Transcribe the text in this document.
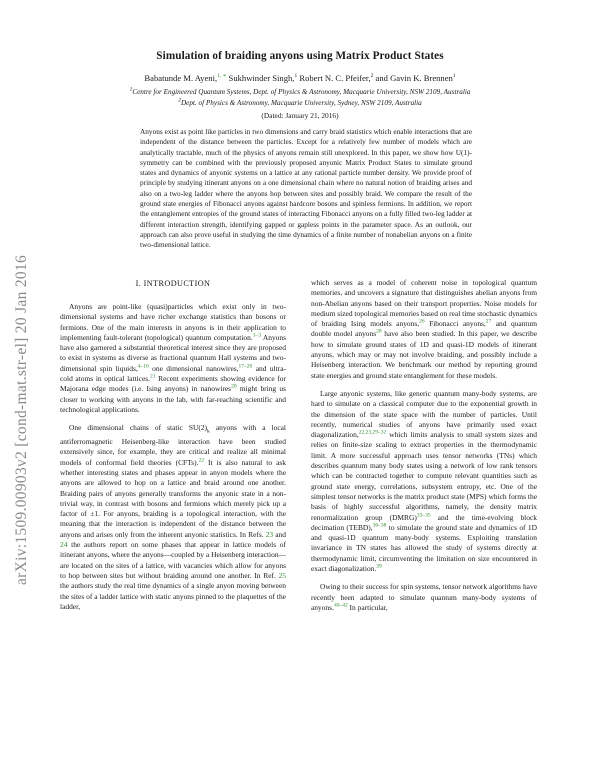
arXiv:1509.00903v2 [cond-mat.str-el] 20 Jan 2016
Simulation of braiding anyons using Matrix Product States
Babatunde M. Ayeni,$^{1, ∗}$ Sukhwinder Singh,$^1$ Robert N. C. Pfeifer,$^2$ and Gavin K. Brennen$^1$
$^1$Centre for Engineered Quantum Systems, Dept. of Physics & Astronomy, Macquarie University, NSW 2109, Australia
$^2$Dept. of Physics & Astronomy, Macquarie University, Sydney, NSW 2109, Australia
(Dated: January 21, 2016)
Anyons exist as point like particles in two dimensions and carry braid statistics which enable interactions that are independent of the distance between the particles. Except for a relatively few number of models which are analytically tractable, much of the physics of anyons remain still unexplored. In this paper, we show how U(1)-symmetry can be combined with the previously proposed anyonic Matrix Product States to simulate ground states and dynamics of anyonic systems on a lattice at any rational particle number density. We provide proof of principle by studying itinerant anyons on a one dimensional chain where no natural notion of braiding arises and also on a two-leg ladder where the anyons hop between sites and possibly braid. We compare the result of the ground state energies of Fibonacci anyons against hardcore bosons and spinless fermions. In addition, we report the entanglement entropies of the ground states of interacting Fibonacci anyons on a fully filled two-leg ladder at different interaction strength, identifying gapped or gapless points in the parameter space. As an outlook, our approach can also prove useful in studying the time dynamics of a finite number of nonabelian anyons on a finite two-dimensional lattice.
I. INTRODUCTION

Anyons are point-like (quasi)particles which exist only in two-dimensional systems and have richer exchange statistics than bosons or fermions. One of the main interests in anyons is in their application to implementing fault-tolerant (topological) quantum computation.$^{1-3}$ Anyons have also garnered a substantial theoretical interest since they are proposed to exist in systems as diverse as fractional quantum Hall systems and two-dimensional spin liquids,$^{4-16}$ one dimensional nanowires,$^{17-20}$ and ultra-cold atoms in optical lattices.$^{21}$ Recent experiments showing evidence for Majorana edge modes (i.e. Ising anyons) in nanowires$^{20}$ might bring us closer to working with anyons in the lab, with far-reaching scientific and technological applications.

One dimensional chains of static $SU(2)_k$ anyons with a local antiferromagnetic Heisenberg-like interaction have been studied extensively since, for example, they are critical and realize all minimal models of conformal field theories (CFTs).$^{22}$ It is also natural to ask whether interesting states and phases appear in anyon models where the anyons are allowed to hop on a lattice and braid around one another. Braiding pairs of anyons generally transforms the anyonic state in a non-trivial way, in contrast with bosons and fermions which merely pick up a factor of ±1. For anyons, braiding is a topological interaction, with the meaning that the interaction is independent of the distance between the anyons and arises only from the inherent anyonic statistics. In Refs. 23 and 24 the authors report on some phases that appear in lattice models of itinerant anyons, where the anyons—coupled by a Heisenberg interaction—are located on the sites of a lattice, with vacancies which allow for anyons to hop between sites but without braiding around one another. In Ref. 25 the authors study the real time dynamics of a single anyon moving between the sites of a ladder lattice with static anyons pinned to the plaquettes of the ladder,

which serves as a model of coherent noise in topological quantum memories, and uncovers a signature that distinguishes abelian anyons from non-Abelian anyons based on their transport properties. Noise models for medium sized topological memories based on real time stochastic dynamics of braiding Ising models anyons,$^{26}$ Fibonacci anyons,$^{27}$ and quantum double model anyons$^{28}$ have also been studied. In this paper, we describe how to simulate ground states of 1D and quasi-1D models of itinerant anyons, which may or may not involve braiding, and possibly include a Heisenberg interaction. We benchmark our method by reporting ground state energies and ground state entanglement for these models.

Large anyonic systems, like generic quantum many-body systems, are hard to simulate on a classical computer due to the exponential growth in the dimension of the state space with the number of particles. Until recently, numerical studies of anyons have primarily used exact diagonalization,$^{22,23,29-32}$ which limits analysis to small system sizes and relies on finite-size scaling to extract properties in the thermodynamic limit. A more successful approach uses tensor networks (TNs) which describes quantum many body states using a network of low rank tensors which can be contracted together to compute relevant quantities such as ground state energy, correlations, subsystem entropy, etc. One of the simplest tensor networks is the matrix product state (MPS) which forms the basis of highly successful algorithms, namely, the density matrix renormalization group (DMRG)$^{33-35}$ and the time-evolving block decimation (TEBD),$^{36-38}$ to simulate the ground state and dynamics of 1D and quasi-1D quantum many-body systems. Exploiting translation invariance in TN states has allowed the study of systems directly at thermodynamic limit, circumventing the limitation on size encountered in exact diagonalization.$^{39}$

Owing to their success for spin systems, tensor network algorithms have recently been adapted to simulate quantum many-body systems of anyons.$^{40-42}$ In particular,
